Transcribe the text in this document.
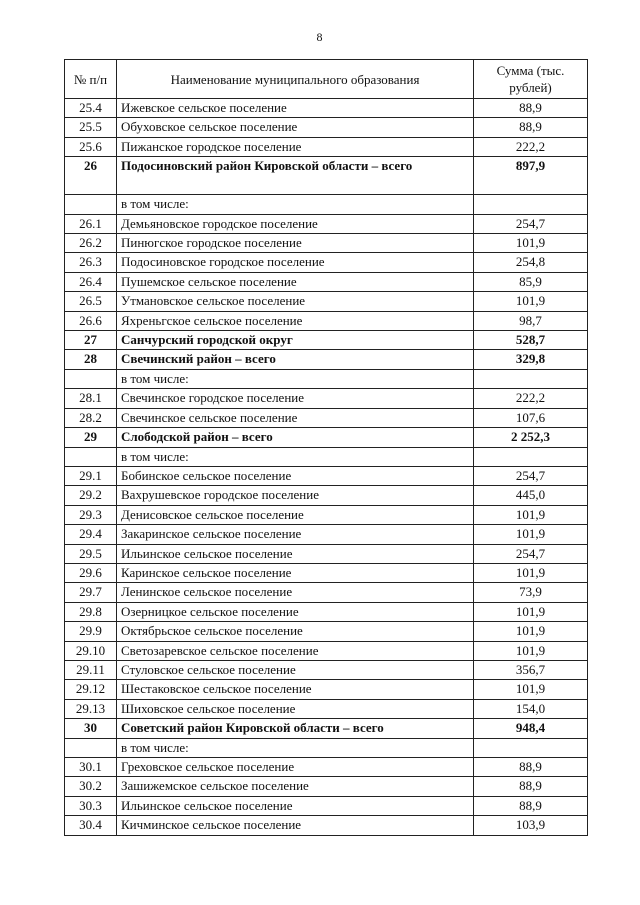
8
№ п/п	Наименование муниципального образования	Сумма (тыс. рублей)
25.4	Ижевское сельское поселение	88,9
25.5	Обуховское сельское поселение	88,9
25.6	Пижанское городское поселение	222,2
26	Подосиновский район Кировской области – всего	897,9
	в том числе:	
26.1	Демьяновское городское поселение	254,7
26.2	Пинюгское городское поселение	101,9
26.3	Подосиновское городское поселение	254,8
26.4	Пушемское сельское поселение	85,9
26.5	Утмановское сельское поселение	101,9
26.6	Яхреньгское сельское поселение	98,7
27	Санчурский городской округ	528,7
28	Свечинский район – всего	329,8
	в том числе:	
28.1	Свечинское городское поселение	222,2
28.2	Свечинское сельское поселение	107,6
29	Слободской район – всего	2 252,3
	в том числе:	
29.1	Бобинское сельское поселение	254,7
29.2	Вахрушевское городское поселение	445,0
29.3	Денисовское сельское поселение	101,9
29.4	Закаринское сельское поселение	101,9
29.5	Ильинское сельское поселение	254,7
29.6	Каринское сельское поселение	101,9
29.7	Ленинское сельское поселение	73,9
29.8	Озерницкое сельское поселение	101,9
29.9	Октябрьское сельское поселение	101,9
29.10	Светозаревское сельское поселение	101,9
29.11	Стуловское сельское поселение	356,7
29.12	Шестаковское сельское поселение	101,9
29.13	Шиховское сельское поселение	154,0
30	Советский район Кировской области – всего	948,4
	в том числе:	
30.1	Греховское сельское поселение	88,9
30.2	Зашижемское сельское поселение	88,9
30.3	Ильинское сельское поселение	88,9
30.4	Кичминское сельское поселение	103,9
